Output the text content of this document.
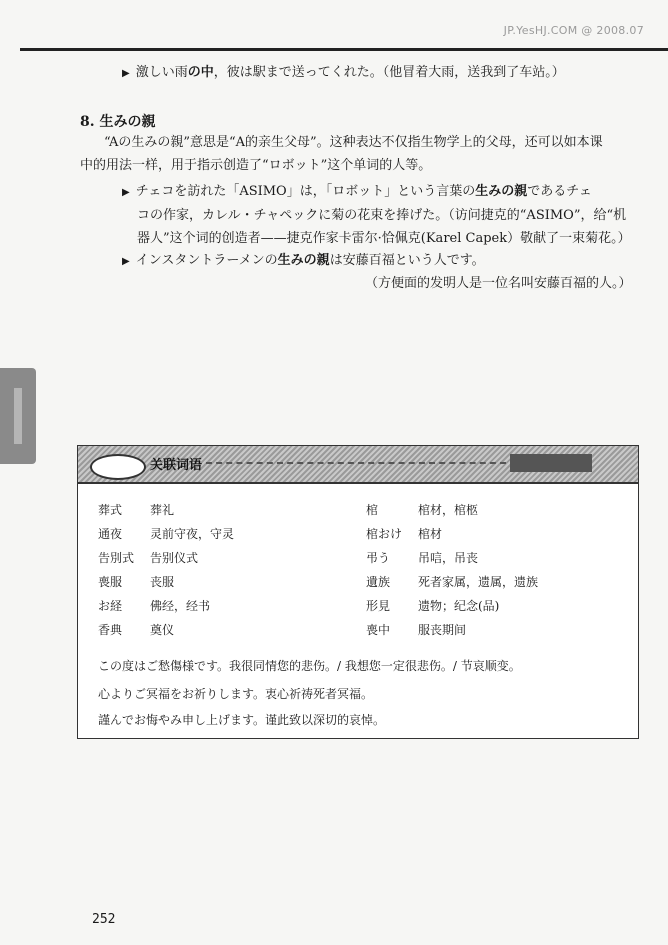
JP.YesHJ.COM @ 2008.07
▶ 激しい雨の中，彼は駅まで送ってくれた。（他冒着大雨，送我到了车站。）
8. 生みの親
“Aの生みの親”意思是“A的亲生父母”。这种表达不仅指生物学上的父母，还可以如本课
中的用法一样，用于指示创造了“ロボット”这个单词的人等。
▶ チェコを訪れた「ASIMO」は，「ロボット」という言葉の生みの親であるチェ
コの作家，カレル・チャペックに菊の花束を捧げた。（访问捷克的“ASIMO”，给“机
器人”这个词的创造者——捷克作家卡雷尔·恰佩克(Karel Capek）敬献了一束菊花。）
▶ インスタントラーメンの生みの親は安藤百福という人です。
（方便面的发明人是一位名叫安藤百福的人。）
关联词语
葬式 葬礼
通夜 灵前守夜，守灵
告別式 告别仪式
喪服 丧服
お経 佛经，经书
香典 奠仪
棺	棺材，棺柩
棺おけ 棺材
弔う 吊唁，吊丧
遺族 死者家属，遗属，遗族
形見 遗物；纪念(品)
喪中 服丧期间
この度はご愁傷様です。我很同情您的悲伤。/ 我想您一定很悲伤。/ 节哀顺变。
心よりご冥福をお祈りします。衷心祈祷死者冥福。
謹んでお悔やみ申し上げます。谨此致以深切的哀悼。
252
